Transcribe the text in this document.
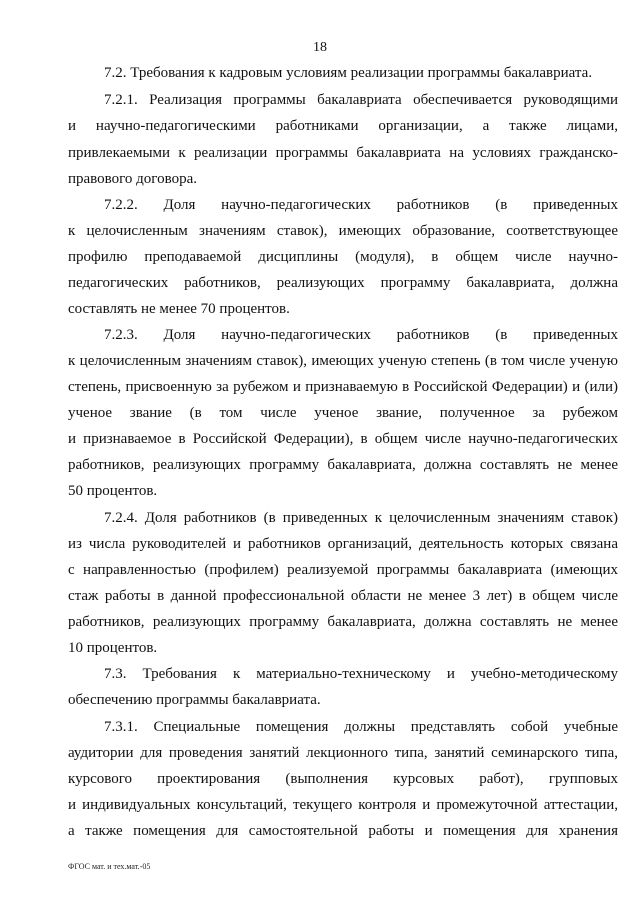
18
7.2. Требования к кадровым условиям реализации программы бакалавриата.
7.2.1. Реализация программы бакалавриата обеспечивается руководящими
и научно-педагогическими работниками организации, а также лицами,
привлекаемыми к реализации программы бакалавриата на условиях гражданско-
правового договора.
7.2.2. Доля научно-педагогических работников (в приведенных
к целочисленным значениям ставок), имеющих образование, соответствующее
профилю преподаваемой дисциплины (модуля), в общем числе научно-
педагогических работников, реализующих программу бакалавриата, должна
составлять не менее 70 процентов.
7.2.3. Доля научно-педагогических работников (в приведенных
к целочисленным значениям ставок), имеющих ученую степень (в том числе ученую
степень, присвоенную за рубежом и признаваемую в Российской Федерации) и (или)
ученое звание (в том числе ученое звание, полученное за рубежом
и признаваемое в Российской Федерации), в общем числе научно-педагогических
работников, реализующих программу бакалавриата, должна составлять не менее
50 процентов.
7.2.4. Доля работников (в приведенных к целочисленным значениям ставок)
из числа руководителей и работников организаций, деятельность которых связана
с направленностью (профилем) реализуемой программы бакалавриата (имеющих
стаж работы в данной профессиональной области не менее 3 лет) в общем числе
работников, реализующих программу бакалавриата, должна составлять не менее
10 процентов.
7.3. Требования к материально-техническому и учебно-методическому
обеспечению программы бакалавриата.
7.3.1. Специальные помещения должны представлять собой учебные
аудитории для проведения занятий лекционного типа, занятий семинарского типа,
курсового проектирования (выполнения курсовых работ), групповых
и индивидуальных консультаций, текущего контроля и промежуточной аттестации,
а также помещения для самостоятельной работы и помещения для хранения
ФГОС мат. и тех.мат.-05
